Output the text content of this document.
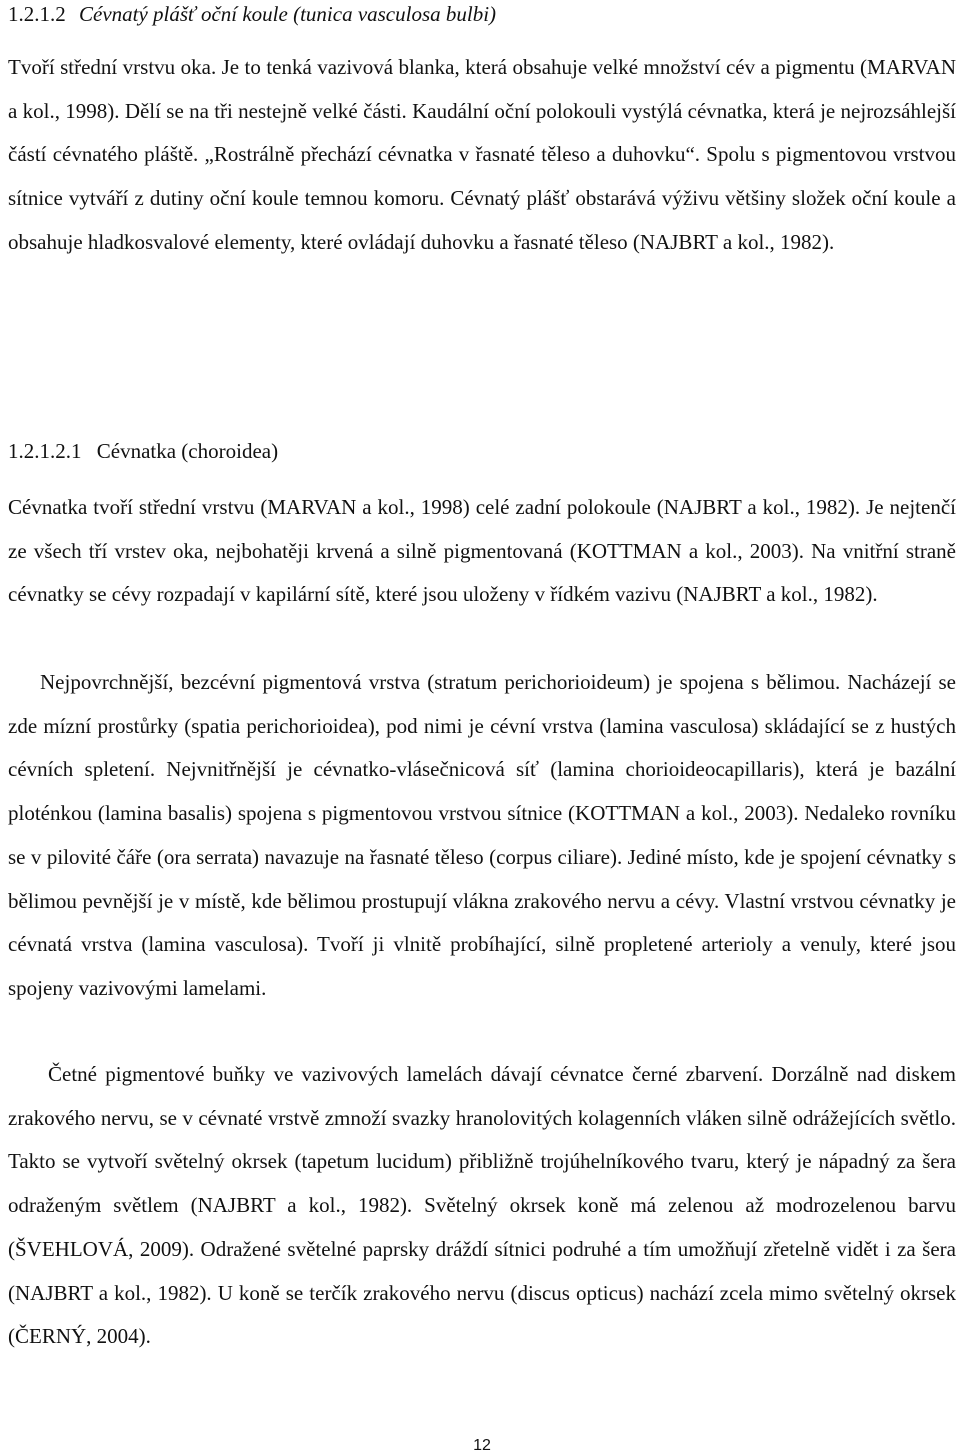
1.2.1.2 Cévnatý plášť oční koule (tunica vasculosa bulbi)

Tvoří střední vrstvu oka. Je to tenká vazivová blanka, která obsahuje velké množství cév a pigmentu (MARVAN a kol., 1998). Dělí se na tři nestejně velké části. Kaudální oční polokouli vystýlá cévnatka, která je nejrozsáhlejší částí cévnatého pláště. „Rostrálně přechází cévnatka v řasnaté těleso a duhovku“. Spolu s pigmentovou vrstvou sítnice vytváří z dutiny oční koule temnou komoru. Cévnatý plášť obstarává výživu většiny složek oční koule a obsahuje hladkosvalové elementy, které ovládají duhovku a řasnaté těleso (NAJBRT a kol., 1982).

1.2.1.2.1 Cévnatka (choroidea)

Cévnatka tvoří střední vrstvu (MARVAN a kol., 1998) celé zadní polokoule (NAJBRT a kol., 1982). Je nejtenčí ze všech tří vrstev oka, nejbohatěji krvená a silně pigmentovaná (KOTTMAN a kol., 2003). Na vnitřní straně cévnatky se cévy rozpadají v kapilární sítě, které jsou uloženy v řídkém vazivu (NAJBRT a kol., 1982).

Nejpovrchnější, bezcévní pigmentová vrstva (stratum perichorioideum) je spojena s bělimou. Nacházejí se zde mízní prostůrky (spatia perichorioidea), pod nimi je cévní vrstva (lamina vasculosa) skládající se z hustých cévních spletení. Nejvnitřnější je cévnatko-vlásečnicová síť (lamina chorioideocapillaris), která je bazální ploténkou (lamina basalis) spojena s pigmentovou vrstvou sítnice (KOTTMAN a kol., 2003). Nedaleko rovníku se v pilovité čáře (ora serrata) navazuje na řasnaté těleso (corpus ciliare). Jediné místo, kde je spojení cévnatky s bělimou pevnější je v místě, kde bělimou prostupují vlákna zrakového nervu a cévy. Vlastní vrstvou cévnatky je cévnatá vrstva (lamina vasculosa). Tvoří ji vlnitě probíhající, silně propletené arterioly a venuly, které jsou spojeny vazivovými lamelami.

Četné pigmentové buňky ve vazivových lamelách dávají cévnatce černé zbarvení. Dorzálně nad diskem zrakového nervu, se v cévnaté vrstvě zmnoží svazky hranolovitých kolagenních vláken silně odrážejících světlo. Takto se vytvoří světelný okrsek (tapetum lucidum) přibližně trojúhelníkového tvaru, který je nápadný za šera odraženým světlem (NAJBRT a kol., 1982). Světelný okrsek koně má zelenou až modrozelenou barvu (ŠVEHLOVÁ, 2009). Odražené světelné paprsky dráždí sítnici podruhé a tím umožňují zřetelně vidět i za šera (NAJBRT a kol., 1982). U koně se terčík zrakového nervu (discus opticus) nachází zcela mimo světelný okrsek (ČERNÝ, 2004).

12
